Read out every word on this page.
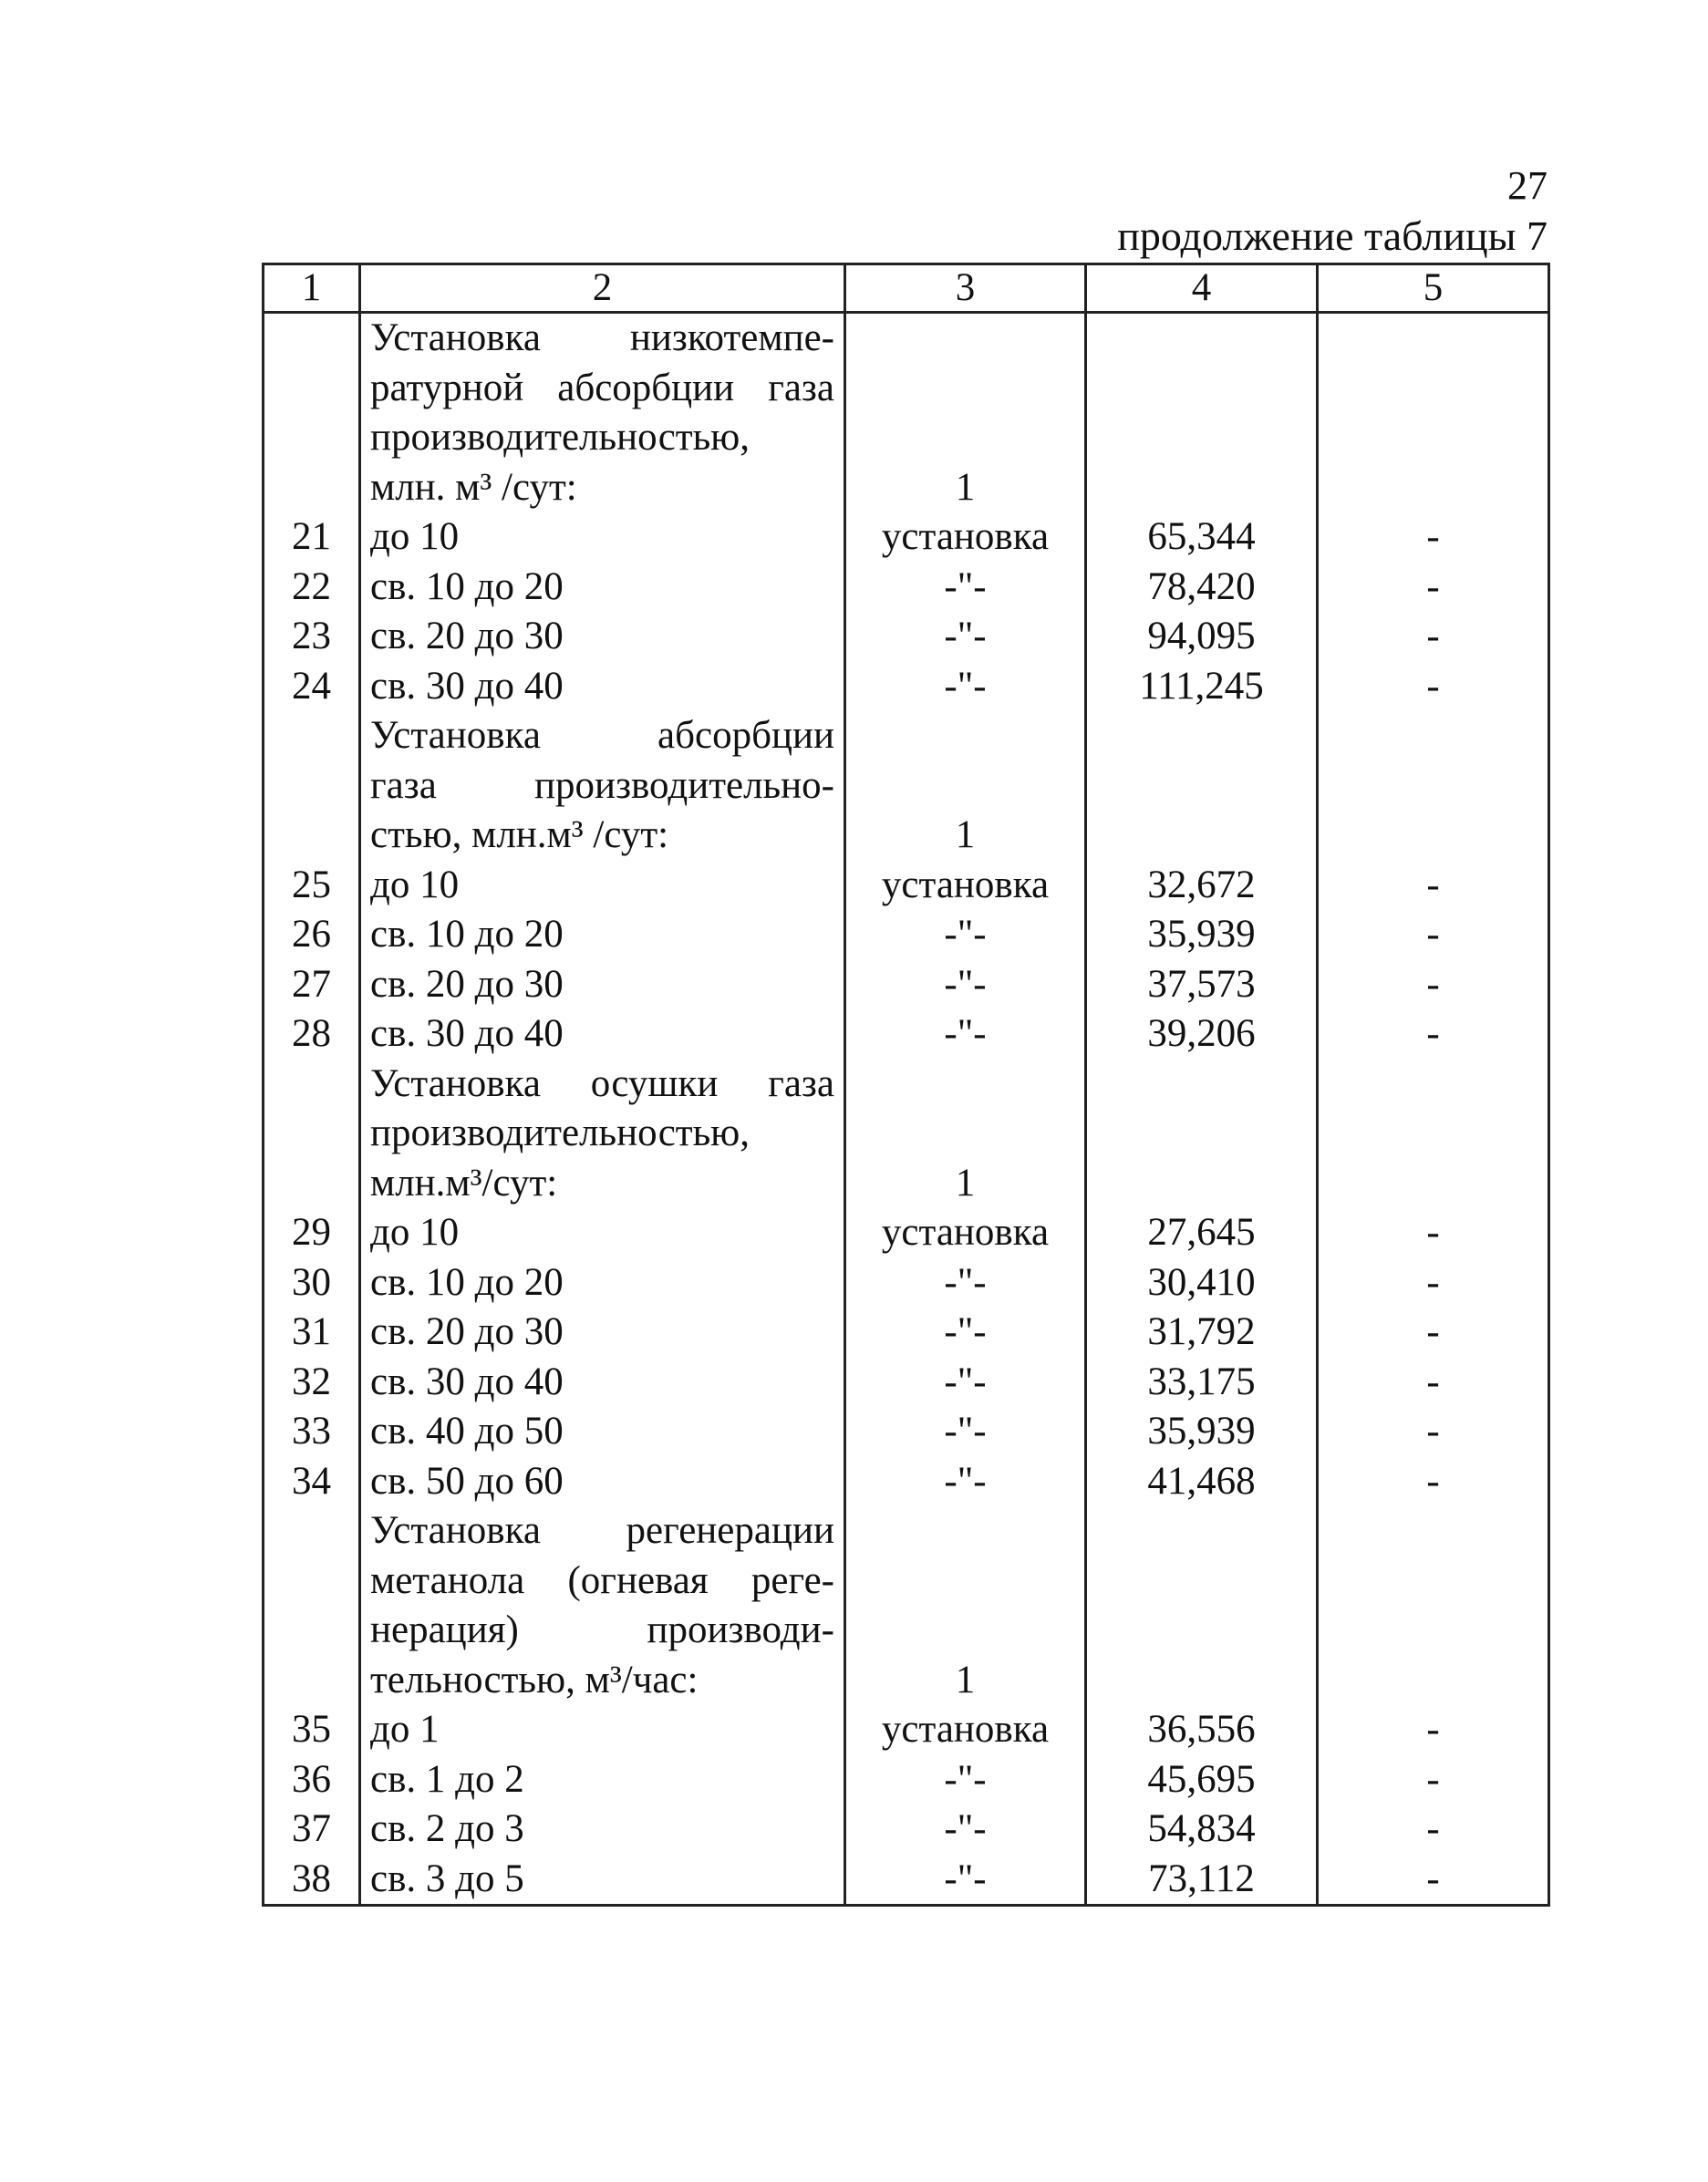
27
продолжение таблицы 7
1	2	3	4	5

	Установка низкотемпе-
ратурной абсорбции газа
производительностью,
млн. м³ /сут:	1		
21	до 10	установка	65,344	-
22	св. 10 до 20	-"-	78,420	-
23	св. 20 до 30	-"-	94,095	-
24	св. 30 до 40	-"-	111,245	-

	Установка абсорбции
газа производительно-
стью, млн.м³ /сут:	1		
25	до 10	установка	32,672	-
26	св. 10 до 20	-"-	35,939	-
27	св. 20 до 30	-"-	37,573	-
28	св. 30 до 40	-"-	39,206	-

	Установка осушки газа
производительностью,
млн.м³/сут:	1		
29	до 10	установка	27,645	-
30	св. 10 до 20	-"-	30,410	-
31	св. 20 до 30	-"-	31,792	-
32	св. 30 до 40	-"-	33,175	-
33	св. 40 до 50	-"-	35,939	-
34	св. 50 до 60	-"-	41,468	-

	Установка регенерации
метанола (огневая реге-
нерация) производи-
тельностью, м³/час:	1		
35	до 1	установка	36,556	-
36	св. 1 до 2	-"-	45,695	-
37	св. 2 до 3	-"-	54,834	-
38	св. 3 до 5	-"-	73,112	-
